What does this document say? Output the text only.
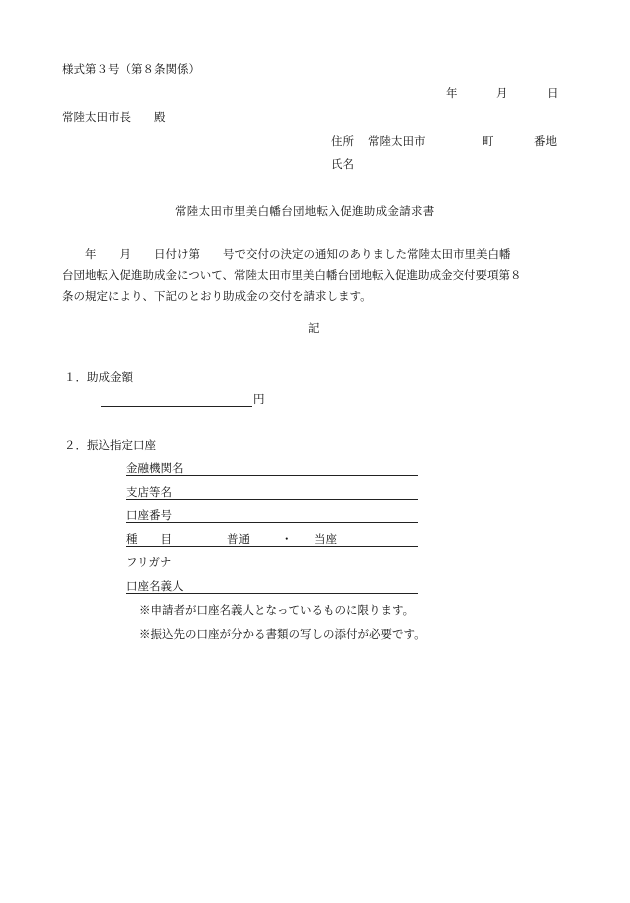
様式第３号（第８条関係）
年	月	日
常陸太田市長　　殿
住所 常陸太田市	町	番地
氏名
常陸太田市里美白幡台団地転入促進助成金請求書
　　年　　月　　日付け第　　号で交付の決定の通知のありました常陸太田市里美白幡
台団地転入促進助成金について、常陸太田市里美白幡台団地転入促進助成金交付要項第８
条の規定により、下記のとおり助成金の交付を請求します。
記
１．助成金額
円
２．振込指定口座
金融機関名
支店等名
口座番号
種　　目	普通	・ 当座
フリガナ
口座名義人
※申請者が口座名義人となっているものに限ります。
※振込先の口座が分かる書類の写しの添付が必要です。
